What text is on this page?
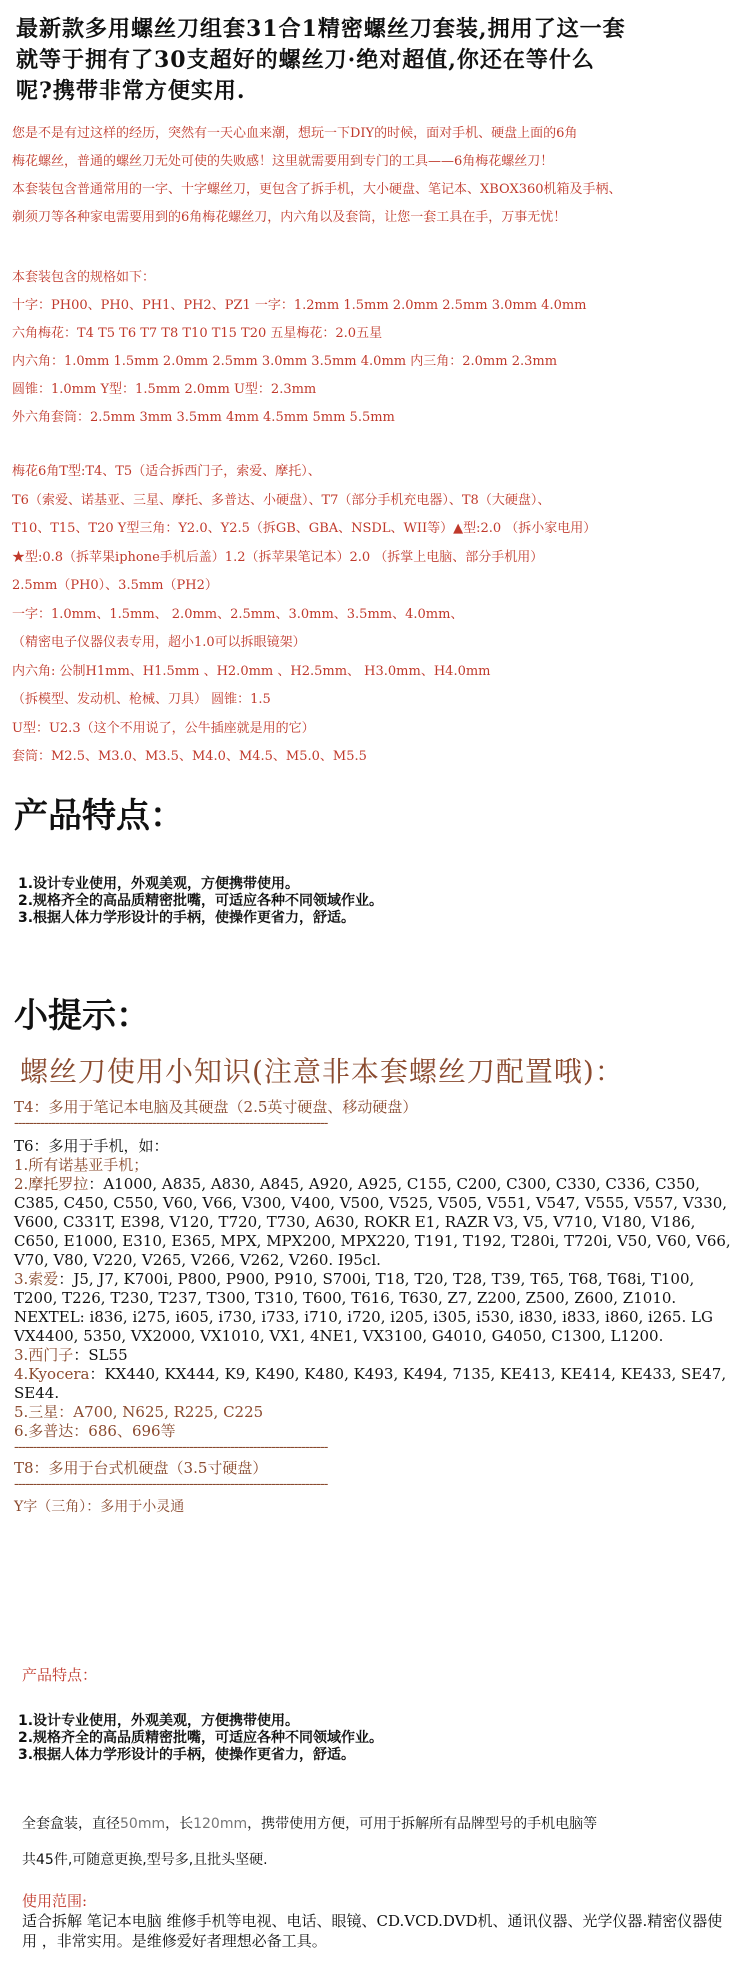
最新款多用螺丝刀组套31合1精密螺丝刀套装,拥用了这一套
就等于拥有了30支超好的螺丝刀·绝对超值,你还在等什么
呢?携带非常方便实用.

您是不是有过这样的经历，突然有一天心血来潮，想玩一下DIY的时候，面对手机、硬盘上面的6角

梅花螺丝，普通的螺丝刀无处可使的失败感！这里就需要用到专门的工具——6角梅花螺丝刀！

本套装包含普通常用的一字、十字螺丝刀，更包含了拆手机，大小硬盘、笔记本、XBOX360机箱及手柄、

剃须刀等各种家电需要用到的6角梅花螺丝刀，内六角以及套筒，让您一套工具在手，万事无忧！

本套装包含的规格如下：

十字：PH00、PH0、PH1、PH2、PZ1 一字：1.2mm 1.5mm 2.0mm 2.5mm 3.0mm 4.0mm

六角梅花：T4 T5 T6 T7 T8 T10 T15 T20 五星梅花：2.0五星

内六角：1.0mm 1.5mm 2.0mm 2.5mm 3.0mm 3.5mm 4.0mm 内三角：2.0mm 2.3mm

圆锥：1.0mm Y型：1.5mm 2.0mm U型：2.3mm

外六角套筒：2.5mm 3mm 3.5mm 4mm 4.5mm 5mm 5.5mm

梅花6角T型:T4、T5（适合拆西门子，索爱、摩托）、

T6（索爱、诺基亚、三星、摩托、多普达、小硬盘）、T7（部分手机充电器）、T8（大硬盘）、

T10、T15、T20 Y型三角：Y2.0、Y2.5（拆GB、GBA、NSDL、WII等）▲型:2.0 （拆小家电用）

★型:0.8（拆苹果iphone手机后盖）1.2（拆苹果笔记本）2.0 （拆掌上电脑、部分手机用）

2.5mm（PH0）、3.5mm（PH2）

一字：1.0mm、1.5mm、 2.0mm、2.5mm、3.0mm、3.5mm、4.0mm、

（精密电子仪器仪表专用，超小1.0可以拆眼镜架）

内六角: 公制H1mm、H1.5mm 、H2.0mm 、H2.5mm、 H3.0mm、H4.0mm

（拆模型、发动机、枪械、刀具） 圆锥：1.5

U型：U2.3（这个不用说了，公牛插座就是用的它）

套筒：M2.5、M3.0、M3.5、M4.0、M4.5、M5.0、M5.5

产品特点：

1.设计专业使用，外观美观，方便携带使用。

2.规格齐全的高品质精密批嘴，可适应各种不同领域作业。

3.根据人体力学形设计的手柄，使操作更省力，舒适。

小提示：
螺丝刀使用小知识(注意非本套螺丝刀配置哦)：

T4：多用于笔记本电脑及其硬盘（2.5英寸硬盘、移动硬盘）

------------------------------------------------------------------------------------

T6：多用于手机，如：

1.所有诺基亚手机；

2.摩托罗拉：A1000, A835, A830, A845, A920, A925, C155, C200, C300, C330, C336, C350, C385, C450, C550, V60, V66, V300, V400, V500, V525, V505, V551, V547, V555, V557, V330, V600, C331T, E398, V120, T720, T730, A630, ROKR E1, RAZR V3, V5, V710, V180, V186, C650, E1000, E310, E365, MPX, MPX200, MPX220, T191, T192, T280i, T720i, V50, V60, V66, V70, V80, V220, V265, V266, V262, V260. I95cl.

3.索爱：J5, J7, K700i, P800, P900, P910, S700i, T18, T20, T28, T39, T65, T68, T68i, T100, T200, T226, T230, T237, T300, T310, T600, T616, T630, Z7, Z200, Z500, Z600, Z1010.

NEXTEL: i836, i275, i605, i730, i733, i710, i720, i205, i305, i530, i830, i833, i860, i265. LG VX4400, 5350, VX2000, VX1010, VX1, 4NE1, VX3100, G4010, G4050, C1300, L1200.

3.西门子：SL55

4.Kyocera：KX440, KX444, K9, K490, K480, K493, K494, 7135, KE413, KE414, KE433, SE47, SE44.

5.三星：A700, N625, R225, C225

6.多普达：686、696等

------------------------------------------------------------------------------------

T8：多用于台式机硬盘（3.5寸硬盘）

------------------------------------------------------------------------------------

Y字（三角）：多用于小灵通

产品特点：

1.设计专业使用，外观美观，方便携带使用。

2.规格齐全的高品质精密批嘴，可适应各种不同领域作业。

3.根据人体力学形设计的手柄，使操作更省力，舒适。

全套盒装，直径50mm，长120mm，携带使用方便，可用于拆解所有品牌型号的手机电脑等

共45件,可随意更换,型号多,且批头坚硬.

使用范围:
适合拆解 笔记本电脑 维修手机等电视、电话、眼镜、CD.VCD.DVD机、通讯仪器、光学仪器.精密仪器使用 ，非常实用。是维修爱好者理想必备工具。
